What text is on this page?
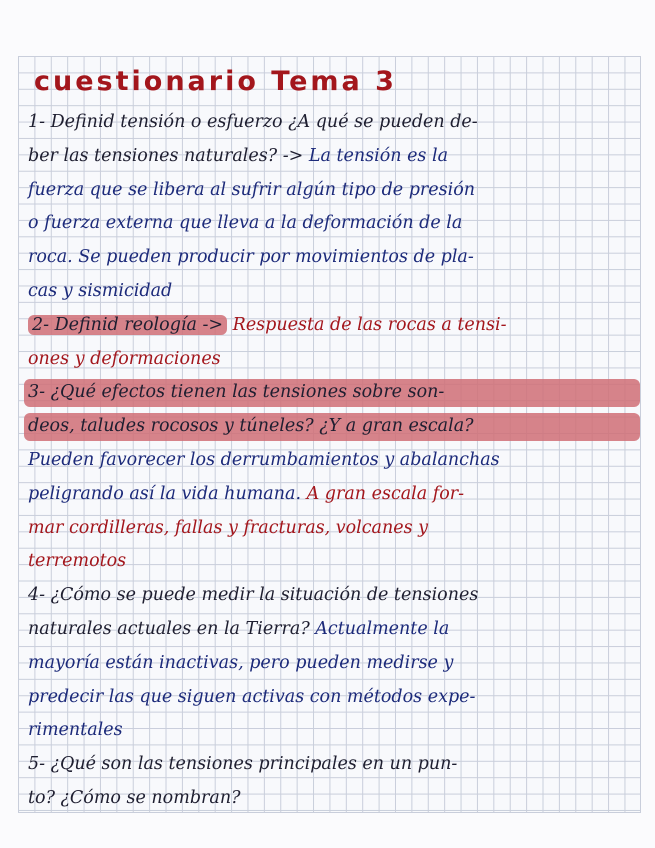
cuestionario Tema 3
1- Definid tensión o esfuerzo ¿A qué se pueden de-
ber las tensiones naturales? -> La tensión es la
fuerza que se libera al sufrir algún tipo de presión
o fuerza externa que lleva a la deformación de la
roca. Se pueden producir por movimientos de pla-
cas y sismicidad
2- Definid reología -> Respuesta de las rocas a tensi-
ones y deformaciones
3- ¿Qué efectos tienen las tensiones sobre son-
deos, taludes rocosos y túneles? ¿Y a gran escala?
Pueden favorecer los derrumbamientos y abalanchas
peligrando así la vida humana. A gran escala for-
mar cordilleras, fallas y fracturas, volcanes y
terremotos
4- ¿Cómo se puede medir la situación de tensiones
naturales actuales en la Tierra? Actualmente la
mayoría están inactivas, pero pueden medirse y
predecir las que siguen activas con métodos expe-
rimentales
5- ¿Qué son las tensiones principales en un pun-
to? ¿Cómo se nombran?
